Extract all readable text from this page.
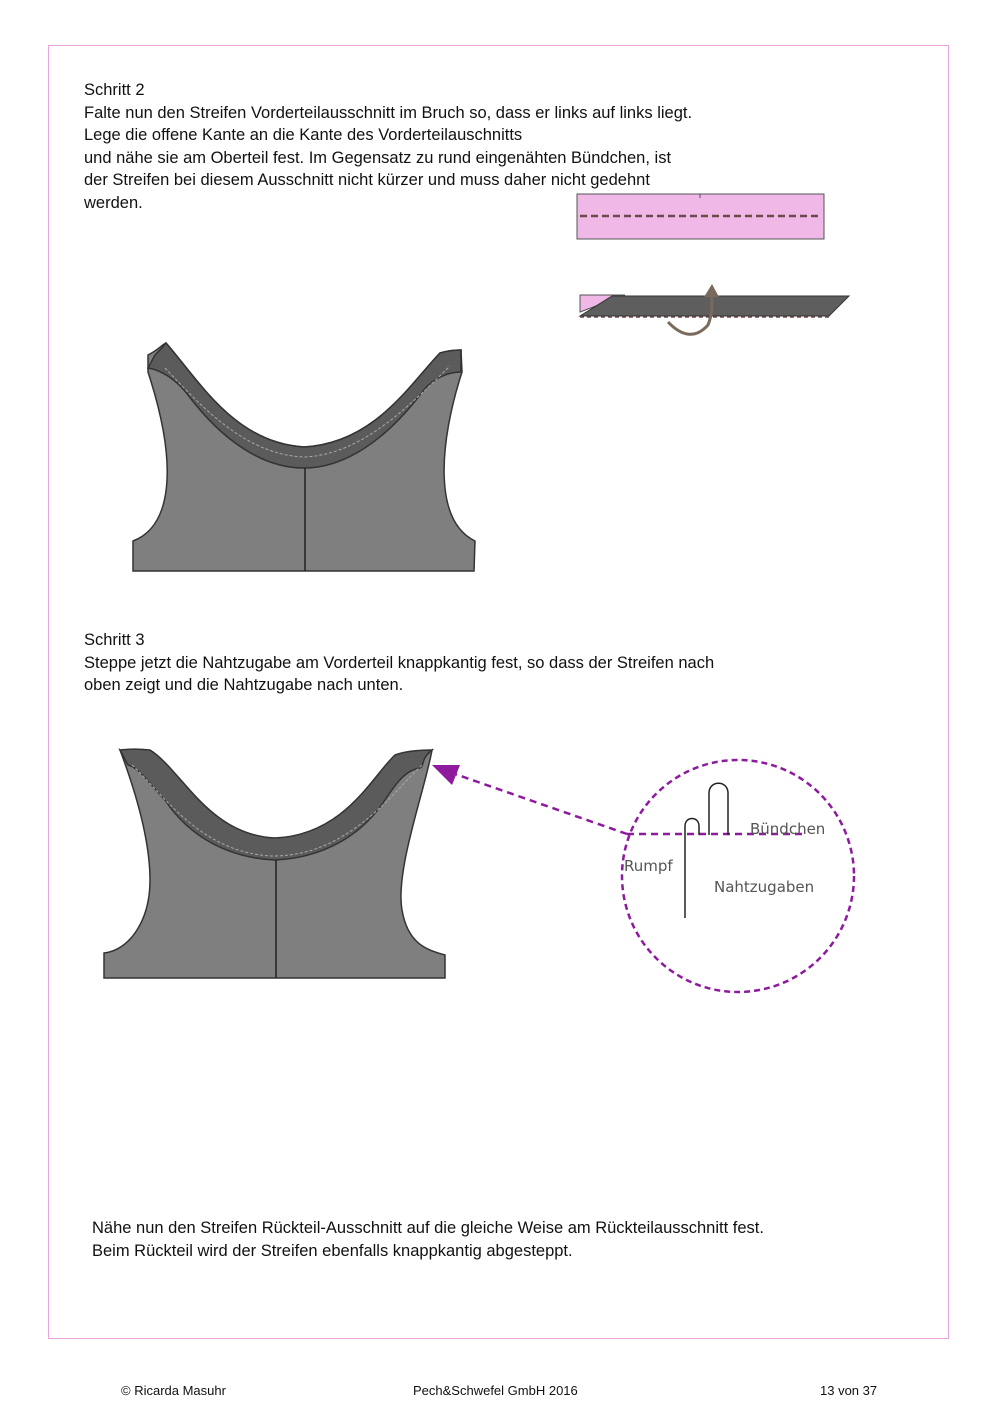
Schritt 2
Falte nun den Streifen Vorderteilausschnitt im Bruch so, dass er links auf links liegt.
Lege die offene Kante an die Kante des Vorderteilauschnitts
und nähe sie am Oberteil fest. Im Gegensatz zu rund eingenähten Bündchen, ist
der Streifen bei diesem Ausschnitt nicht kürzer und muss daher nicht gedehnt
werden.
Schritt 3
Steppe jetzt die Nahtzugabe am Vorderteil knappkantig fest, so dass der Streifen nach
oben zeigt und die Nahtzugabe nach unten.
Nähe nun den Streifen Rückteil-Ausschnitt auf die gleiche Weise am Rückteilausschnitt fest.
Beim Rückteil wird der Streifen ebenfalls knappkantig abgesteppt.
Bündchen
Rumpf
Nahtzugaben
© Ricarda Masuhr	Pech&Schwefel GmbH 2016	13 von 37
